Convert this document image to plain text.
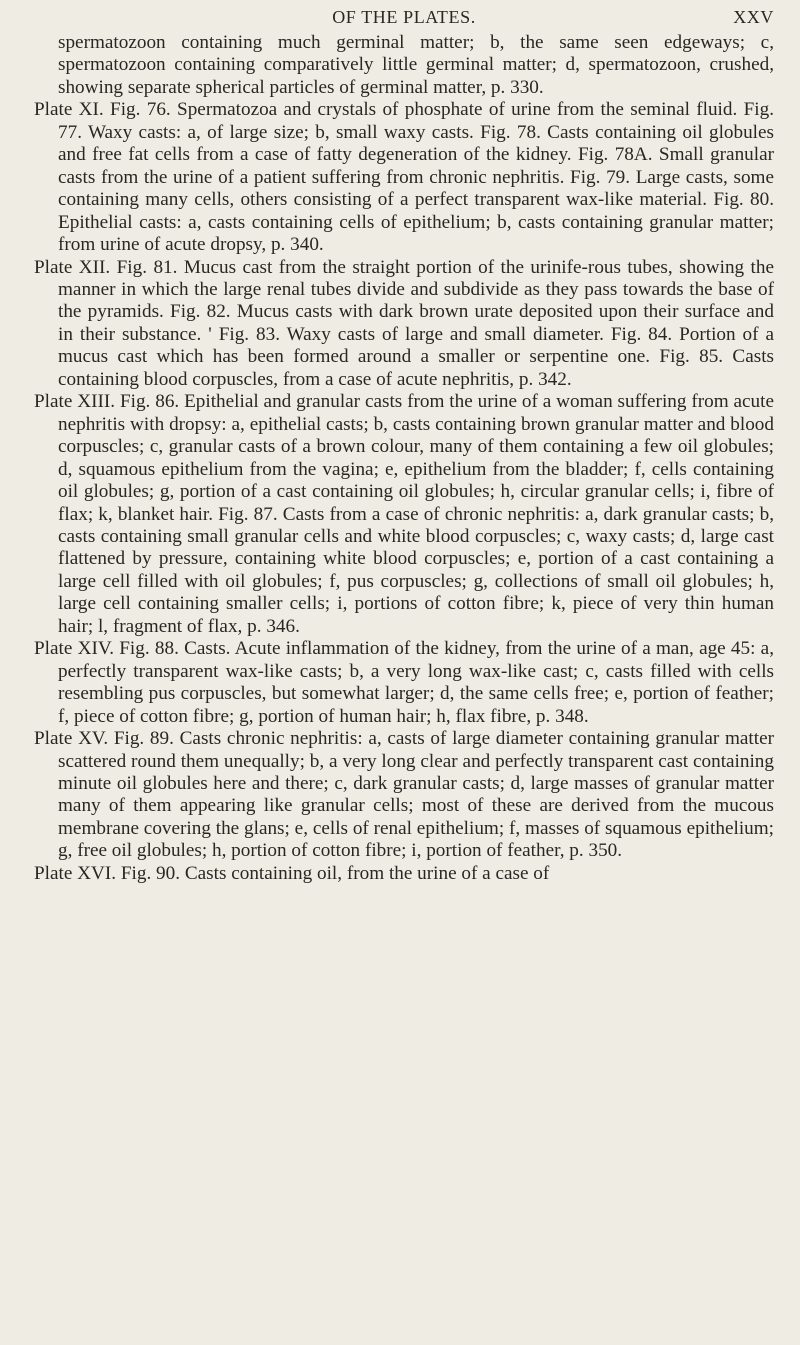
OF THE PLATES.	XXV

spermatozoon containing much germinal matter; b, the same seen edgeways; c, spermatozoon containing comparatively little germinal matter; d, spermatozoon, crushed, showing separate spherical particles of germinal matter, p. 330.

Plate XI. Fig. 76. Spermatozoa and crystals of phosphate of urine from the seminal fluid. Fig. 77. Waxy casts: a, of large size; b, small waxy casts. Fig. 78. Casts containing oil globules and free fat cells from a case of fatty degeneration of the kidney. Fig. 78A. Small granular casts from the urine of a patient suffering from chronic nephritis. Fig. 79. Large casts, some containing many cells, others consisting of a perfect transparent wax-like material. Fig. 80. Epithelial casts: a, casts containing cells of epithelium; b, casts containing granular matter; from urine of acute dropsy, p. 340.

Plate XII. Fig. 81. Mucus cast from the straight portion of the urinife-rous tubes, showing the manner in which the large renal tubes divide and subdivide as they pass towards the base of the pyramids. Fig. 82. Mucus casts with dark brown urate deposited upon their surface and in their substance. ' Fig. 83. Waxy casts of large and small diameter. Fig. 84. Portion of a mucus cast which has been formed around a smaller or serpentine one. Fig. 85. Casts containing blood corpuscles, from a case of acute nephritis, p. 342.

Plate XIII. Fig. 86. Epithelial and granular casts from the urine of a woman suffering from acute nephritis with dropsy: a, epithelial casts; b, casts containing brown granular matter and blood corpuscles; c, granular casts of a brown colour, many of them containing a few oil globules; d, squamous epithelium from the vagina; e, epithelium from the bladder; f, cells containing oil globules; g, portion of a cast containing oil globules; h, circular granular cells; i, fibre of flax; k, blanket hair. Fig. 87. Casts from a case of chronic nephritis: a, dark granular casts; b, casts containing small granular cells and white blood corpuscles; c, waxy casts; d, large cast flattened by pressure, containing white blood corpuscles; e, portion of a cast containing a large cell filled with oil globules; f, pus corpuscles; g, collections of small oil globules; h, large cell containing smaller cells; i, portions of cotton fibre; k, piece of very thin human hair; l, fragment of flax, p. 346.

Plate XIV. Fig. 88. Casts. Acute inflammation of the kidney, from the urine of a man, age 45: a, perfectly transparent wax-like casts; b, a very long wax-like cast; c, casts filled with cells resembling pus corpuscles, but somewhat larger; d, the same cells free; e, portion of feather; f, piece of cotton fibre; g, portion of human hair; h, flax fibre, p. 348.

Plate XV. Fig. 89. Casts chronic nephritis: a, casts of large diameter containing granular matter scattered round them unequally; b, a very long clear and perfectly transparent cast containing minute oil globules here and there; c, dark granular casts; d, large masses of granular matter many of them appearing like granular cells; most of these are derived from the mucous membrane covering the glans; e, cells of renal epithelium; f, masses of squamous epithelium; g, free oil globules; h, portion of cotton fibre; i, portion of feather, p. 350.

Plate XVI. Fig. 90. Casts containing oil, from the urine of a case of
